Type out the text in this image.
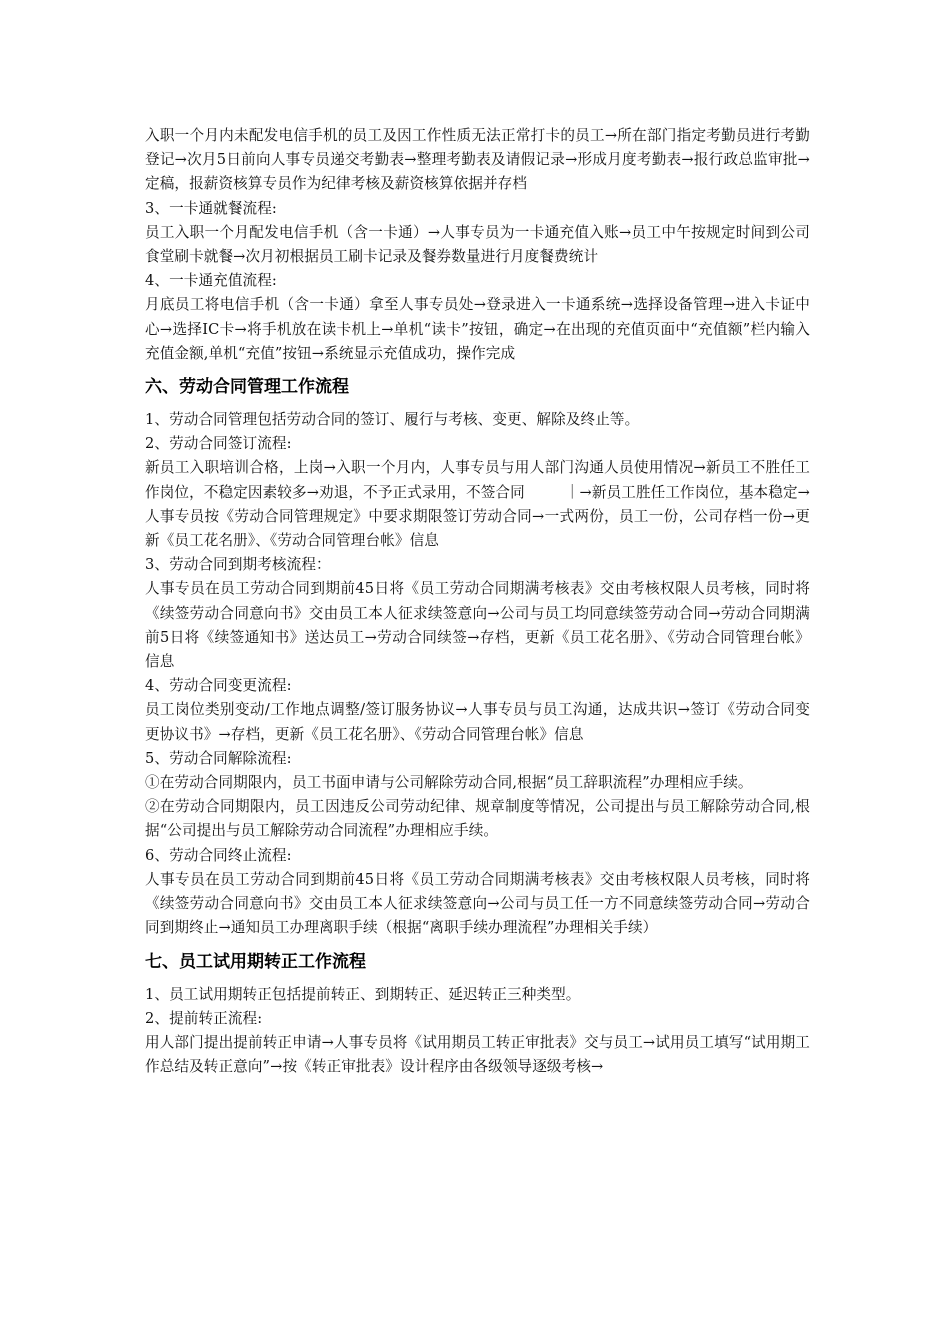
入职一个月内未配发电信手机的员工及因工作性质无法正常打卡的员工→所在部门指定考勤员进行考勤登记→次月5日前向人事专员递交考勤表→整理考勤表及请假记录→形成月度考勤表→报行政总监审批→定稿，报薪资核算专员作为纪律考核及薪资核算依据并存档

3、一卡通就餐流程:

员工入职一个月配发电信手机（含一卡通）→人事专员为一卡通充值入账→员工中午按规定时间到公司食堂刷卡就餐→次月初根据员工刷卡记录及餐券数量进行月度餐费统计

4、一卡通充值流程:

月底员工将电信手机（含一卡通）拿至人事专员处→登录进入一卡通系统→选择设备管理→进入卡证中心→选择IC卡→将手机放在读卡机上→单机“读卡”按钮，确定→在出现的充值页面中“充值额”栏内输入充值金额,单机“充值”按钮→系统显示充值成功，操作完成

六、劳动合同管理工作流程

1、劳动合同管理包括劳动合同的签订、履行与考核、变更、解除及终止等。

2、劳动合同签订流程:

新员工入职培训合格，上岗→入职一个月内，人事专员与用人部门沟通人员使用情况→新员工不胜任工作岗位，不稳定因素较多→劝退，不予正式录用，不签合同	｜→新员工胜任工作岗位，基本稳定→人事专员按《劳动合同管理规定》中要求期限签订劳动合同→一式两份，员工一份，公司存档一份→更新《员工花名册》、《劳动合同管理台帐》信息

3、劳动合同到期考核流程：

人事专员在员工劳动合同到期前45日将《员工劳动合同期满考核表》交由考核权限人员考核，同时将《续签劳动合同意向书》交由员工本人征求续签意向→公司与员工均同意续签劳动合同→劳动合同期满前5日将《续签通知书》送达员工→劳动合同续签→存档，更新《员工花名册》、《劳动合同管理台帐》信息

4、劳动合同变更流程:

员工岗位类别变动/工作地点调整/签订服务协议→人事专员与员工沟通，达成共识→签订《劳动合同变更协议书》→存档，更新《员工花名册》、《劳动合同管理台帐》信息

5、劳动合同解除流程:

①在劳动合同期限内，员工书面申请与公司解除劳动合同,根据“员工辞职流程”办理相应手续。

②在劳动合同期限内，员工因违反公司劳动纪律、规章制度等情况，公司提出与员工解除劳动合同,根据“公司提出与员工解除劳动合同流程”办理相应手续。

6、劳动合同终止流程:

人事专员在员工劳动合同到期前45日将《员工劳动合同期满考核表》交由考核权限人员考核，同时将《续签劳动合同意向书》交由员工本人征求续签意向→公司与员工任一方不同意续签劳动合同→劳动合同到期终止→通知员工办理离职手续（根据“离职手续办理流程”办理相关手续）

七、员工试用期转正工作流程

1、员工试用期转正包括提前转正、到期转正、延迟转正三种类型。

2、提前转正流程:

用人部门提出提前转正申请→人事专员将《试用期员工转正审批表》交与员工→试用员工填写“试用期工作总结及转正意向”→按《转正审批表》设计程序由各级领导逐级考核→
